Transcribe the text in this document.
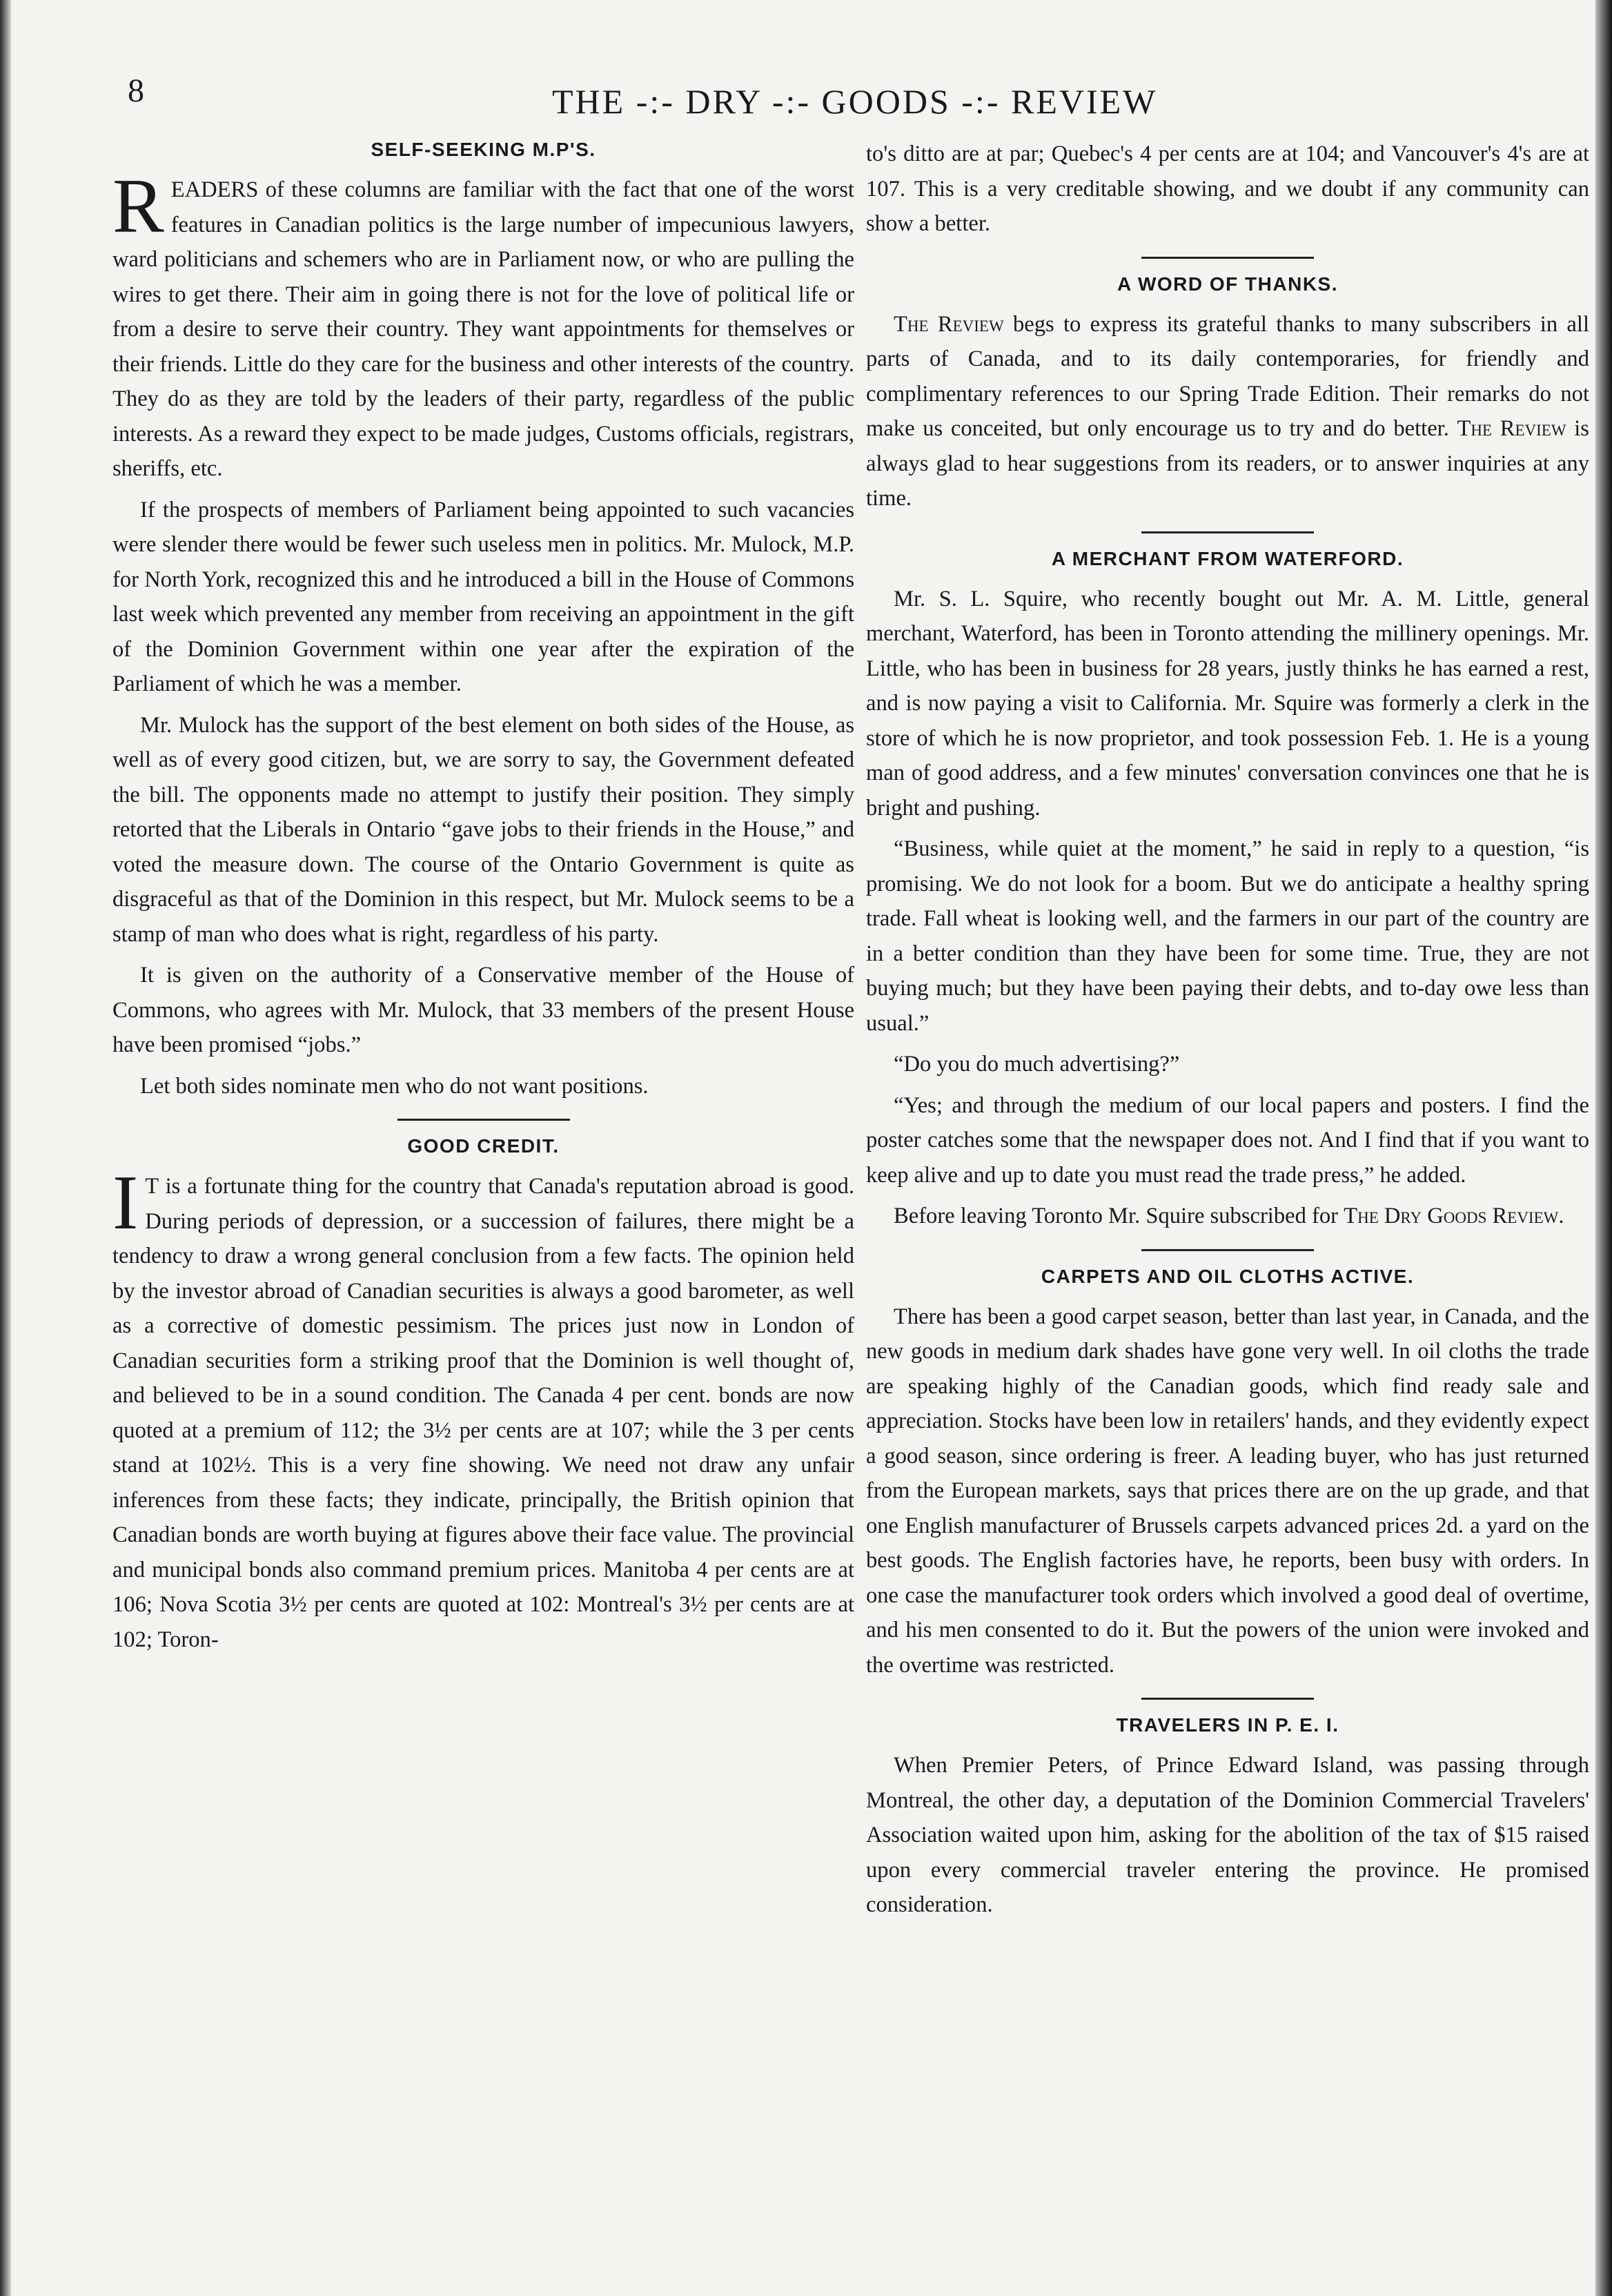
8	THE -:- DRY -:- GOODS -:- REVIEW
SELF-SEEKING M.P'S.

READERS of these columns are familiar with the fact that one of the worst features in Canadian politics is the large number of impecunious lawyers, ward politicians and schemers who are in Parliament now, or who are pulling the wires to get there. Their aim in going there is not for the love of political life or from a desire to serve their country. They want appointments for themselves or their friends. Little do they care for the business and other interests of the country. They do as they are told by the leaders of their party, regardless of the public interests. As a reward they expect to be made judges, Customs officials, registrars, sheriffs, etc.

If the prospects of members of Parliament being appointed to such vacancies were slender there would be fewer such useless men in politics. Mr. Mulock, M.P. for North York, recognized this and he introduced a bill in the House of Commons last week which prevented any member from receiving an appointment in the gift of the Dominion Government within one year after the expiration of the Parliament of which he was a member.

Mr. Mulock has the support of the best element on both sides of the House, as well as of every good citizen, but, we are sorry to say, the Government defeated the bill. The opponents made no attempt to justify their position. They simply retorted that the Liberals in Ontario “gave jobs to their friends in the House,” and voted the measure down. The course of the Ontario Government is quite as disgraceful as that of the Dominion in this respect, but Mr. Mulock seems to be a stamp of man who does what is right, regardless of his party.

It is given on the authority of a Conservative member of the House of Commons, who agrees with Mr. Mulock, that 33 members of the present House have been promised “jobs.”

Let both sides nominate men who do not want positions.

GOOD CREDIT.

I T is a fortunate thing for the country that Canada's reputation abroad is good. During periods of depression, or a succession of failures, there might be a tendency to draw a wrong general conclusion from a few facts. The opinion held by the investor abroad of Canadian securities is always a good barometer, as well as a corrective of domestic pessimism. The prices just now in London of Canadian securities form a striking proof that the Dominion is well thought of, and believed to be in a sound condition. The Canada 4 per cent. bonds are now quoted at a premium of 112; the 3½ per cents are at 107; while the 3 per cents stand at 102½. This is a very fine showing. We need not draw any unfair inferences from these facts; they indicate, principally, the British opinion that Canadian bonds are worth buying at figures above their face value. The provincial and municipal bonds also command premium prices. Manitoba 4 per cents are at 106; Nova Scotia 3½ per cents are quoted at 102: Montreal's 3½ per cents are at 102; Toron-

to's ditto are at par; Quebec's 4 per cents are at 104; and Vancouver's 4's are at 107. This is a very creditable showing, and we doubt if any community can show a better.

A WORD OF THANKS.

The Review begs to express its grateful thanks to many subscribers in all parts of Canada, and to its daily contemporaries, for friendly and complimentary references to our Spring Trade Edition. Their remarks do not make us conceited, but only encourage us to try and do better. The Review is always glad to hear suggestions from its readers, or to answer inquiries at any time.

A MERCHANT FROM WATERFORD.

Mr. S. L. Squire, who recently bought out Mr. A. M. Little, general merchant, Waterford, has been in Toronto attending the millinery openings. Mr. Little, who has been in business for 28 years, justly thinks he has earned a rest, and is now paying a visit to California. Mr. Squire was formerly a clerk in the store of which he is now proprietor, and took possession Feb. 1. He is a young man of good address, and a few minutes' conversation convinces one that he is bright and pushing.

“Business, while quiet at the moment,” he said in reply to a question, “is promising. We do not look for a boom. But we do anticipate a healthy spring trade. Fall wheat is looking well, and the farmers in our part of the country are in a better condition than they have been for some time. True, they are not buying much; but they have been paying their debts, and to-day owe less than usual.”

“Do you do much advertising?”

“Yes; and through the medium of our local papers and posters. I find the poster catches some that the newspaper does not. And I find that if you want to keep alive and up to date you must read the trade press,” he added.

Before leaving Toronto Mr. Squire subscribed for The Dry Goods Review.

CARPETS AND OIL CLOTHS ACTIVE.

There has been a good carpet season, better than last year, in Canada, and the new goods in medium dark shades have gone very well. In oil cloths the trade are speaking highly of the Canadian goods, which find ready sale and appreciation. Stocks have been low in retailers' hands, and they evidently expect a good season, since ordering is freer. A leading buyer, who has just returned from the European markets, says that prices there are on the up grade, and that one English manufacturer of Brussels carpets advanced prices 2d. a yard on the best goods. The English factories have, he reports, been busy with orders. In one case the manufacturer took orders which involved a good deal of overtime, and his men consented to do it. But the powers of the union were invoked and the overtime was restricted.

TRAVELERS IN P. E. I.

When Premier Peters, of Prince Edward Island, was passing through Montreal, the other day, a deputation of the Dominion Commercial Travelers' Association waited upon him, asking for the abolition of the tax of $15 raised upon every commercial traveler entering the province. He promised consideration.
